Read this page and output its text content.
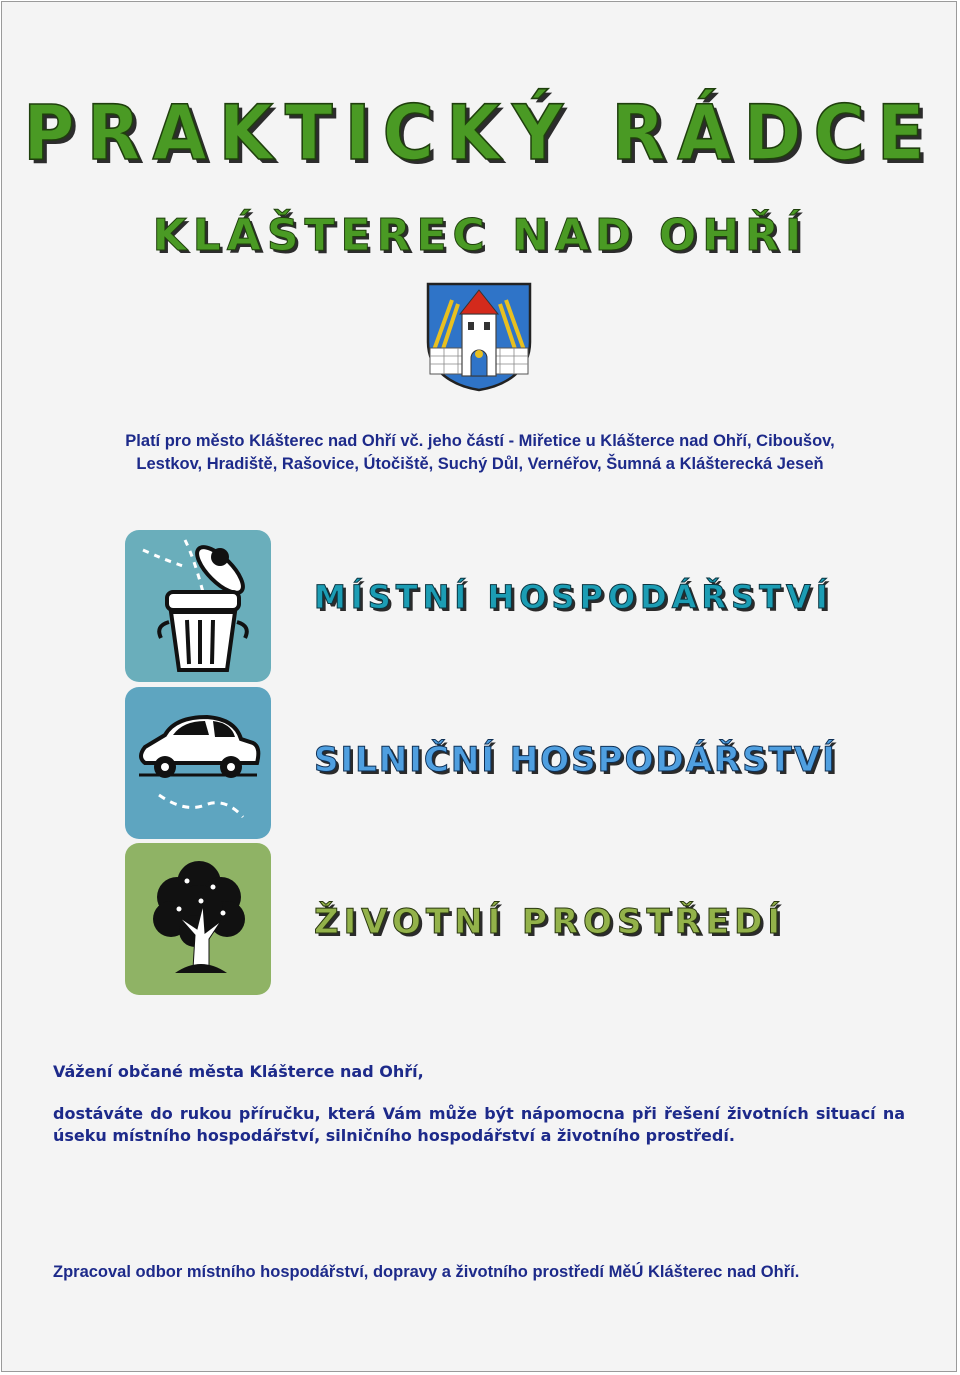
PRAKTICKÝ RÁDCE
KLÁŠTEREC NAD OHŘÍ
Platí pro město Klášterec nad Ohří vč. jeho částí - Miřetice u Klášterce nad Ohří, Ciboušov,
Lestkov, Hradiště, Rašovice, Útočiště, Suchý Důl, Vernéřov, Šumná a Klášterecká Jeseň
MÍSTNÍ HOSPODÁŘSTVÍ
SILNIČNÍ HOSPODÁŘSTVÍ
ŽIVOTNÍ PROSTŘEDÍ
Vážení občané města Klášterce nad Ohří,
dostáváte do rukou příručku, která Vám může být nápomocna při řešení životních situací na úseku místního hospodářství, silničního hospodářství a životního prostředí.
Zpracoval odbor místního hospodářství, dopravy a životního prostředí MěÚ Klášterec nad Ohří.
